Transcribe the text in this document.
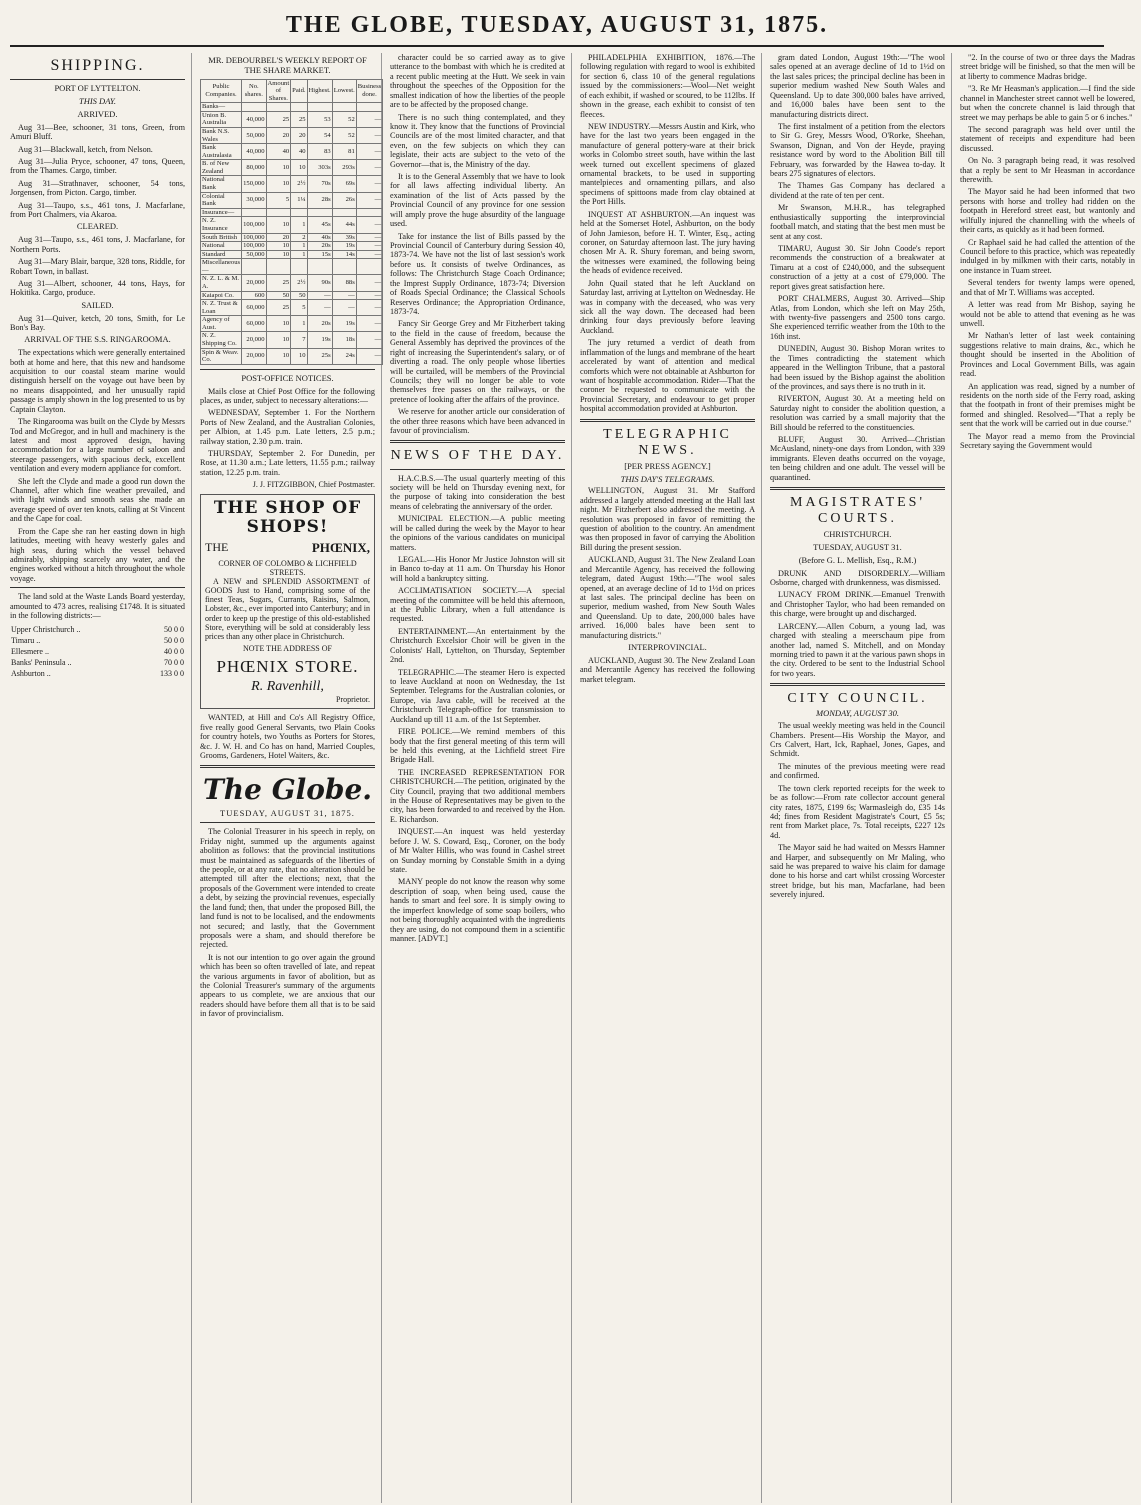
THE GLOBE, TUESDAY, AUGUST 31, 1875.
SHIPPING.
PORT OF LYTTELTON.
THIS DAY.
ARRIVED.

Aug 31—Bee, schooner, 31 tons, Green, from Amuri Bluff.

Aug 31—Blackwall, ketch, from Nelson.

Aug 31—Julia Pryce, schooner, 47 tons, Queen, from the Thames. Cargo, timber.

Aug 31—Strathnaver, schooner, 54 tons, Jorgensen, from Picton. Cargo, timber.

Aug 31—Taupo, s.s., 461 tons, J. Macfarlane, from Port Chalmers, via Akaroa.

CLEARED.

Aug 31—Taupo, s.s., 461 tons, J. Macfarlane, for Northern Ports.

Aug 31—Mary Blair, barque, 328 tons, Riddle, for Robart Town, in ballast.

Aug 31—Albert, schooner, 44 tons, Hays, for Hokitika. Cargo, produce.

SAILED.

Aug 31—Quiver, ketch, 20 tons, Smith, for Le Bon's Bay.

ARRIVAL OF THE S.S. RINGAROOMA.

The expectations which were generally entertained both at home and here, that this new and handsome acquisition to our coastal steam marine would distinguish herself on the voyage out have been by no means disappointed, and her unusually rapid passage is amply shown in the log presented to us by Captain Clayton.

The Ringarooma was built on the Clyde by Messrs Tod and McGregor, and in hull and machinery is the latest and most approved design, having accommodation for a large number of saloon and steerage passengers, with spacious deck, excellent ventilation and every modern appliance for comfort.

She left the Clyde and made a good run down the Channel, after which fine weather prevailed, and with light winds and smooth seas she made an average speed of over ten knots, calling at St Vincent and the Cape for coal.

From the Cape she ran her easting down in high latitudes, meeting with heavy westerly gales and high seas, during which the vessel behaved admirably, shipping scarcely any water, and the engines worked without a hitch throughout the whole voyage.

The land sold at the Waste Lands Board yesterday, amounted to 473 acres, realising £1748. It is situated in the following districts:—

Upper Christchurch ..	50 0 0
Timaru ..	50 0 0
Ellesmere ..	40 0 0
Banks' Peninsula ..	70 0 0
Ashburton ..	133 0 0
MR. DEBOURBEL'S WEEKLY REPORT OF THE SHARE MARKET.
Public Companies.	No. shares.	Amount of Shares.	Paid.	Highest.	Lowest.	Business done.
Banks—						
Union B. Australia	40,000	25	25	53	52	—
Bank N.S. Wales	50,000	20	20	54	52	—
Bank Australasia	40,000	40	40	83	81	—
B. of New Zealand	80,000	10	10	303s	293s	—
National Bank	150,000	10	2½	70s	69s	—
Colonial Bank	30,000	5	1¼	28s	26s	—
Insurance—						
N. Z. Insurance	100,000	10	1	45s	44s	—
South British	100,000	20	2	40s	39s	—
National	100,000	10	1	20s	19s	—
Standard	50,000	10	1	15s	14s	—
Miscellaneous—						
N. Z. L. & M. A.	20,000	25	2½	90s	88s	—
Kaiapoi Co.	600	50	50	—	—	—
N. Z. Trust & Loan	60,000	25	5	—	—	—
Agency of Aust.	60,000	10	1	20s	19s	—
N. Z. Shipping Co.	20,000	10	7	19s	18s	—
Spin & Weav. Co.	20,000	10	10	25s	24s	—
POST-OFFICE NOTICES.

Mails close at Chief Post Office for the following places, as under, subject to necessary alterations:—

WEDNESDAY, September 1. For the Northern Ports of New Zealand, and the Australian Colonies, per Albion, at 1.45 p.m. Late letters, 2.5 p.m.; railway station, 2.30 p.m. train.

THURSDAY, September 2. For Dunedin, per Rose, at 11.30 a.m.; Late letters, 11.55 p.m.; railway station, 12.25 p.m. train.

J. J. FITZGIBBON, Chief Postmaster.
THE SHOP OF SHOPS!
THE	PHŒNIX,
CORNER OF COLOMBO & LICHFIELD STREETS.

A NEW and SPLENDID ASSORTMENT of GOODS Just to Hand, comprising some of the finest Teas, Sugars, Currants, Raisins, Salmon, Lobster, &c., ever imported into Canterbury; and in order to keep up the prestige of this old-established Store, everything will be sold at considerably less prices than any other place in Christchurch.

NOTE THE ADDRESS OF
PHŒNIX STORE.
R. Ravenhill,
Proprietor.

WANTED, at Hill and Co's All Registry Office, five really good General Servants, two Plain Cooks for country hotels, two Youths as Porters for Stores, &c. J. W. H. and Co has on hand, Married Couples, Grooms, Gardeners, Hotel Waiters, &c.

The Globe.
TUESDAY, AUGUST 31, 1875.

The Colonial Treasurer in his speech in reply, on Friday night, summed up the arguments against abolition as follows: that the provincial institutions must be maintained as safeguards of the liberties of the people, or at any rate, that no alteration should be attempted till after the elections; next, that the proposals of the Government were intended to create a debt, by seizing the provincial revenues, especially the land fund; then, that under the proposed Bill, the land fund is not to be localised, and the endowments not secured; and lastly, that the Government proposals were a sham, and should therefore be rejected.

It is not our intention to go over again the ground which has been so often travelled of late, and repeat the various arguments in favor of abolition, but as the Colonial Treasurer's summary of the arguments appears to us complete, we are anxious that our readers should have before them all that is to be said in favor of provincialism.

character could be so carried away as to give utterance to the bombast with which he is credited at a recent public meeting at the Hutt. We seek in vain throughout the speeches of the Opposition for the smallest indication of how the liberties of the people are to be affected by the proposed change.

There is no such thing contemplated, and they know it. They know that the functions of Provincial Councils are of the most limited character, and that even, on the few subjects on which they can legislate, their acts are subject to the veto of the Governor—that is, the Ministry of the day.

It is to the General Assembly that we have to look for all laws affecting individual liberty. An examination of the list of Acts passed by the Provincial Council of any province for one session will amply prove the huge absurdity of the language used.

Take for instance the list of Bills passed by the Provincial Council of Canterbury during Session 40, 1873-74. We have not the list of last session's work before us. It consists of twelve Ordinances, as follows: The Christchurch Stage Coach Ordinance; the Imprest Supply Ordinance, 1873-74; Diversion of Roads Special Ordinance; the Classical Schools Reserves Ordinance; the Appropriation Ordinance, 1873-74.

Fancy Sir George Grey and Mr Fitzherbert taking to the field in the cause of freedom, because the General Assembly has deprived the provinces of the right of increasing the Superintendent's salary, or of diverting a road. The only people whose liberties will be curtailed, will be members of the Provincial Councils; they will no longer be able to vote themselves free passes on the railways, or the pretence of looking after the affairs of the province.

We reserve for another article our consideration of the other three reasons which have been advanced in favour of provincialism.

NEWS OF THE DAY.

H.A.C.B.S.—The usual quarterly meeting of this society will be held on Thursday evening next, for the purpose of taking into consideration the best means of celebrating the anniversary of the order.

MUNICIPAL ELECTION.—A public meeting will be called during the week by the Mayor to hear the opinions of the various candidates on municipal matters.

LEGAL.—His Honor Mr Justice Johnston will sit in Banco to-day at 11 a.m. On Thursday his Honor will hold a bankruptcy sitting.

ACCLIMATISATION SOCIETY.—A special meeting of the committee will be held this afternoon, at the Public Library, when a full attendance is requested.

ENTERTAINMENT.—An entertainment by the Christchurch Excelsior Choir will be given in the Colonists' Hall, Lyttelton, on Thursday, September 2nd.

TELEGRAPHIC.—The steamer Hero is expected to leave Auckland at noon on Wednesday, the 1st September. Telegrams for the Australian colonies, or Europe, via Java cable, will be received at the Christchurch Telegraph-office for transmission to Auckland up till 11 a.m. of the 1st September.

FIRE POLICE.—We remind members of this body that the first general meeting of this term will be held this evening, at the Lichfield street Fire Brigade Hall.

THE INCREASED REPRESENTATION FOR CHRISTCHURCH.—The petition, originated by the City Council, praying that two additional members in the House of Representatives may be given to the city, has been forwarded to and received by the Hon. E. Richardson.

INQUEST.—An inquest was held yesterday before J. W. S. Coward, Esq., Coroner, on the body of Mr Walter Hillis, who was found in Cashel street on Sunday morning by Constable Smith in a dying state.

MANY people do not know the reason why some description of soap, when being used, cause the hands to smart and feel sore. It is simply owing to the imperfect knowledge of some soap boilers, who not being thoroughly acquainted with the ingredients they are using, do not compound them in a scientific manner. [ADVT.]

PHILADELPHIA EXHIBITION, 1876.—The following regulation with regard to wool is exhibited for section 6, class 10 of the general regulations issued by the commissioners:—Wool—Net weight of each exhibit, if washed or scoured, to be 112lbs. If shown in the grease, each exhibit to consist of ten fleeces.

NEW INDUSTRY.—Messrs Austin and Kirk, who have for the last two years been engaged in the manufacture of general pottery-ware at their brick works in Colombo street south, have within the last week turned out excellent specimens of glazed ornamental brackets, to be used in supporting mantelpieces and ornamenting pillars, and also specimens of spittoons made from clay obtained at the Port Hills.

INQUEST AT ASHBURTON.—An inquest was held at the Somerset Hotel, Ashburton, on the body of John Jamieson, before H. T. Winter, Esq., acting coroner, on Saturday afternoon last. The jury having chosen Mr A. R. Shury foreman, and being sworn, the witnesses were examined, the following being the heads of evidence received.

John Quail stated that he left Auckland on Saturday last, arriving at Lyttelton on Wednesday. He was in company with the deceased, who was very sick all the way down. The deceased had been drinking four days previously before leaving Auckland.

The jury returned a verdict of death from inflammation of the lungs and membrane of the heart accelerated by want of attention and medical comforts which were not obtainable at Ashburton for want of hospitable accommodation. Rider—That the coroner be requested to communicate with the Provincial Secretary, and endeavour to get proper hospital accommodation provided at Ashburton.

TELEGRAPHIC NEWS.
[PER PRESS AGENCY.]
THIS DAY'S TELEGRAMS.

WELLINGTON, August 31. Mr Stafford addressed a largely attended meeting at the Hall last night. Mr Fitzherbert also addressed the meeting. A resolution was proposed in favor of remitting the question of abolition to the country. An amendment was then proposed in favor of carrying the Abolition Bill during the present session.

AUCKLAND, August 31. The New Zealand Loan and Mercantile Agency, has received the following telegram, dated August 19th:—"The wool sales opened, at an average decline of 1d to 1½d on prices at last sales. The principal decline has been on superior, medium washed, from New South Wales and Queensland. Up to date, 200,000 bales have arrived. 16,000 bales have been sent to manufacturing districts."

INTERPROVINCIAL.

AUCKLAND, August 30. The New Zealand Loan and Mercantile Agency has received the following market telegram.

gram dated London, August 19th:—"The wool sales opened at an average decline of 1d to 1½d on the last sales prices; the principal decline has been in superior medium washed New South Wales and Queensland. Up to date 300,000 bales have arrived, and 16,000 bales have been sent to the manufacturing districts direct.

The first instalment of a petition from the electors to Sir G. Grey, Messrs Wood, O'Rorke, Sheehan, Swanson, Dignan, and Von der Heyde, praying resistance word by word to the Abolition Bill till February, was forwarded by the Hawea to-day. It bears 275 signatures of electors.

The Thames Gas Company has declared a dividend at the rate of ten per cent.

Mr Swanson, M.H.R., has telegraphed enthusiastically supporting the interprovincial football match, and stating that the best men must be sent at any cost.

TIMARU, August 30. Sir John Coode's report recommends the construction of a breakwater at Timaru at a cost of £240,000, and the subsequent construction of a jetty at a cost of £79,000. The report gives great satisfaction here.

PORT CHALMERS, August 30. Arrived—Ship Atlas, from London, which she left on May 25th, with twenty-five passengers and 2500 tons cargo. She experienced terrific weather from the 10th to the 16th inst.

DUNEDIN, August 30. Bishop Moran writes to the Times contradicting the statement which appeared in the Wellington Tribune, that a pastoral had been issued by the Bishop against the abolition of the provinces, and says there is no truth in it.

RIVERTON, August 30. At a meeting held on Saturday night to consider the abolition question, a resolution was carried by a small majority that the Bill should be referred to the constituencies.

BLUFF, August 30. Arrived—Christian McAusland, ninety-one days from London, with 339 immigrants. Eleven deaths occurred on the voyage, ten being children and one adult. The vessel will be quarantined.

MAGISTRATES' COURTS.
CHRISTCHURCH.
TUESDAY, AUGUST 31.
(Before G. L. Mellish, Esq., R.M.)

DRUNK AND DISORDERLY.—William Osborne, charged with drunkenness, was dismissed.

LUNACY FROM DRINK.—Emanuel Trenwith and Christopher Taylor, who had been remanded on this charge, were brought up and discharged.

LARCENY.—Allen Coburn, a young lad, was charged with stealing a meerschaum pipe from another lad, named S. Mitchell, and on Monday morning tried to pawn it at the various pawn shops in the city. Ordered to be sent to the Industrial School for two years.

CITY COUNCIL.
MONDAY, AUGUST 30.

The usual weekly meeting was held in the Council Chambers. Present—His Worship the Mayor, and Crs Calvert, Hart, Ick, Raphael, Jones, Gapes, and Schmidt.

The minutes of the previous meeting were read and confirmed.

The town clerk reported receipts for the week to be as follow:—From rate collector account general city rates, 1875, £199 6s; Warmasleigh do, £35 14s 4d; fines from Resident Magistrate's Court, £5 5s; rent from Market place, 7s. Total receipts, £227 12s 4d.

The Mayor said he had waited on Messrs Hamner and Harper, and subsequently on Mr Maling, who said he was prepared to waive his claim for damage done to his horse and cart whilst crossing Worcester street bridge, but his man, Macfarlane, had been severely injured.

"2. In the course of two or three days the Madras street bridge will be finished, so that the men will be at liberty to commence Madras bridge.

"3. Re Mr Heasman's application.—I find the side channel in Manchester street cannot well be lowered, but when the concrete channel is laid through that street we may perhaps be able to gain 5 or 6 inches."

The second paragraph was held over until the statement of receipts and expenditure had been discussed.

On No. 3 paragraph being read, it was resolved that a reply be sent to Mr Heasman in accordance therewith.

The Mayor said he had been informed that two persons with horse and trolley had ridden on the footpath in Hereford street east, but wantonly and wilfully injured the channelling with the wheels of their carts, as quickly as it had been formed.

Cr Raphael said he had called the attention of the Council before to this practice, which was repeatedly indulged in by milkmen with their carts, notably in one instance in Tuam street.

Several tenders for twenty lamps were opened, and that of Mr T. Williams was accepted.

A letter was read from Mr Bishop, saying he would not be able to attend that evening as he was unwell.

Mr Nathan's letter of last week containing suggestions relative to main drains, &c., which he thought should be inserted in the Abolition of Provinces and Local Government Bills, was again read.

An application was read, signed by a number of residents on the north side of the Ferry road, asking that the footpath in front of their premises might be formed and shingled. Resolved—"That a reply be sent that the work will be carried out in due course."

The Mayor read a memo from the Provincial Secretary saying the Government would
